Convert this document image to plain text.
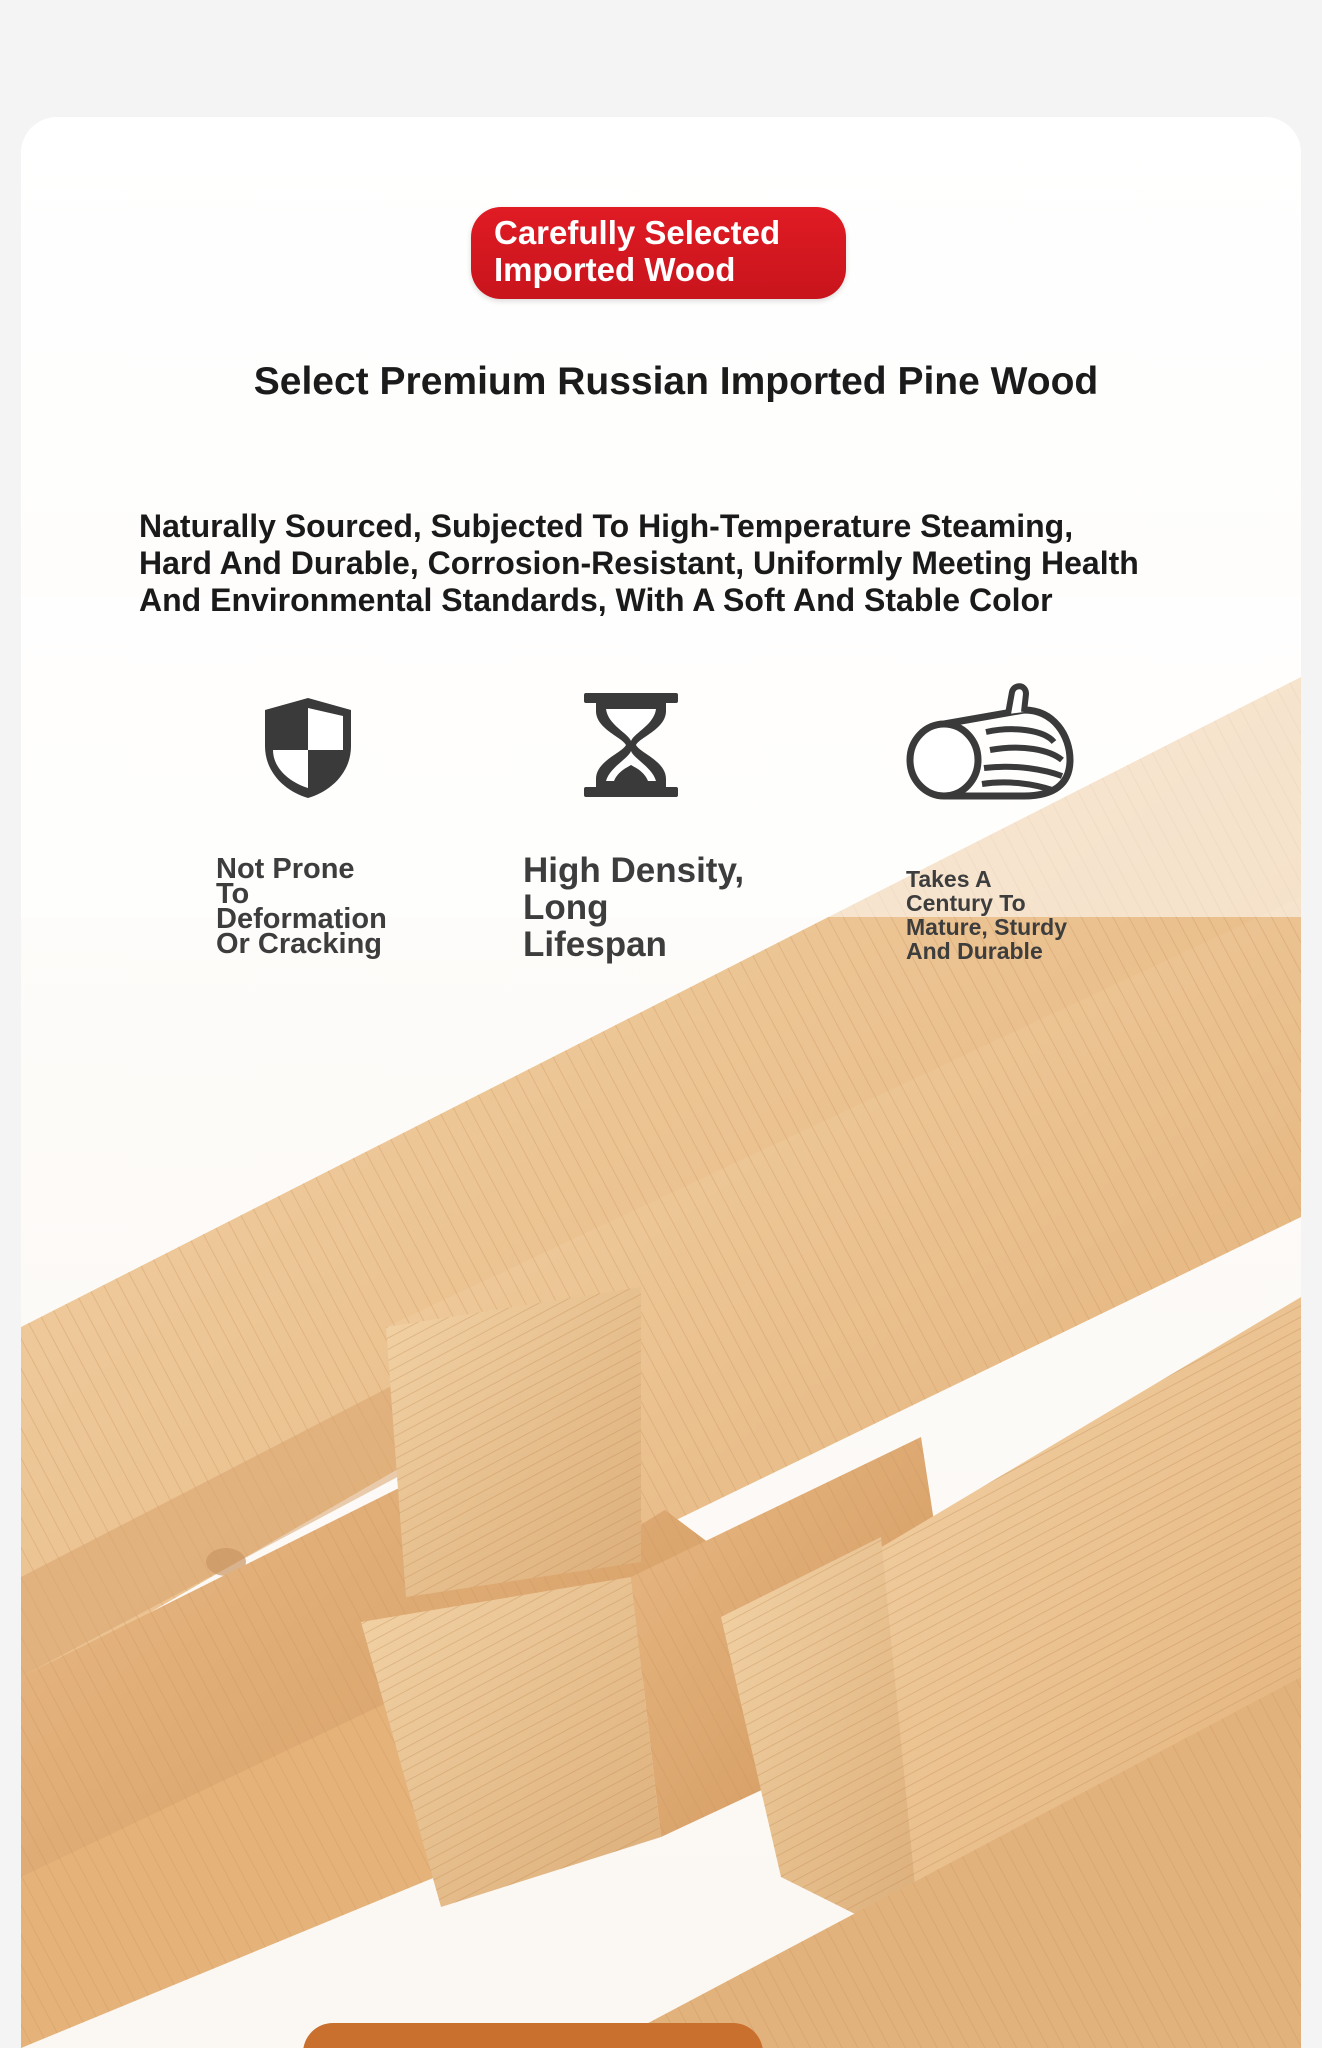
Carefully Selected
Imported Wood
Select Premium Russian Imported Pine Wood
Naturally Sourced, Subjected To High-Temperature Steaming,
Hard And Durable, Corrosion-Resistant, Uniformly Meeting Health
And Environmental Standards, With A Soft And Stable Color
Not Prone
To
Deformation
Or Cracking
High Density,
Long
Lifespan
Takes A
Century To
Mature, Sturdy
And Durable
